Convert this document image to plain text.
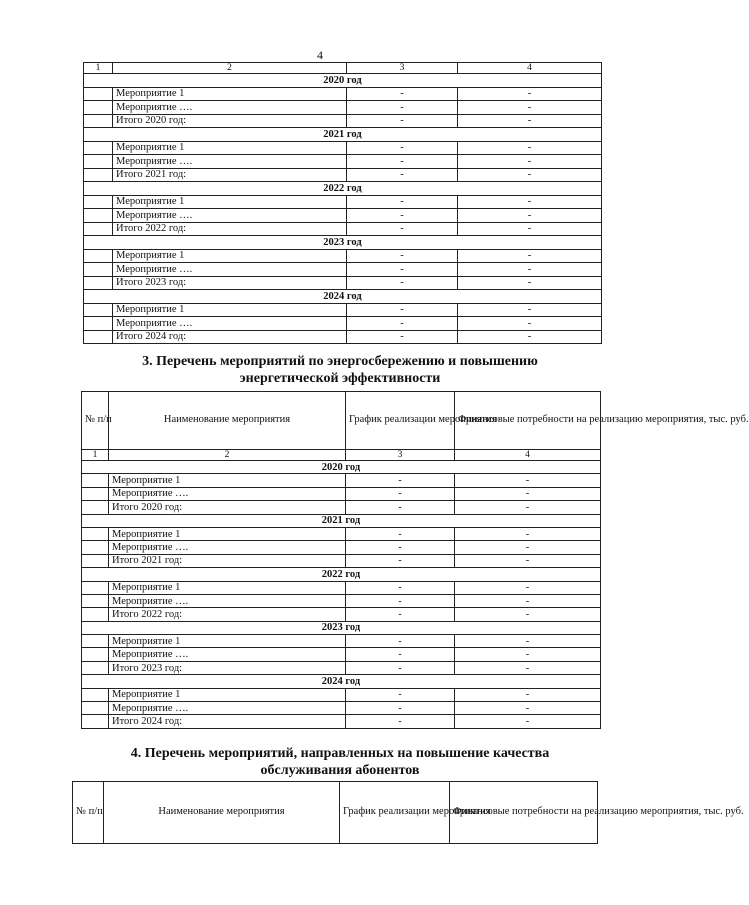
4
1	2	3	4
2020 год			
	Мероприятие 1	-	-
	Мероприятие ….	-	-
	Итого 2020 год:	-	-
2021 год			
	Мероприятие 1	-	-
	Мероприятие ….	-	-
	Итого 2021 год:	-	-
2022 год			
	Мероприятие 1	-	-
	Мероприятие ….	-	-
	Итого 2022 год:	-	-
2023 год			
	Мероприятие 1	-	-
	Мероприятие ….	-	-
	Итого 2023 год:	-	-
2024 год			
	Мероприятие 1	-	-
	Мероприятие ….	-	-
	Итого 2024 год:	-	-
3. Перечень мероприятий по энергосбережению и повышению
энергетической эффективности
№ п/п	Наименование мероприятия	График реализации мероприятия	Финансовые потребности на реализацию мероприятия, тыс. руб.
1	2	3	4
2020 год			
	Мероприятие 1	-	-
	Мероприятие ….	-	-
	Итого 2020 год:	-	-
2021 год			
	Мероприятие 1	-	-
	Мероприятие ….	-	-
	Итого 2021 год:	-	-
2022 год			
	Мероприятие 1	-	-
	Мероприятие ….	-	-
	Итого 2022 год:	-	-
2023 год			
	Мероприятие 1	-	-
	Мероприятие ….	-	-
	Итого 2023 год:	-	-
2024 год			
	Мероприятие 1	-	-
	Мероприятие ….	-	-
	Итого 2024 год:	-	-
4. Перечень мероприятий, направленных на повышение качества
обслуживания абонентов
№ п/п	Наименование мероприятия	График реализации мероприятия	Финансовые потребности на реализацию мероприятия, тыс. руб.
